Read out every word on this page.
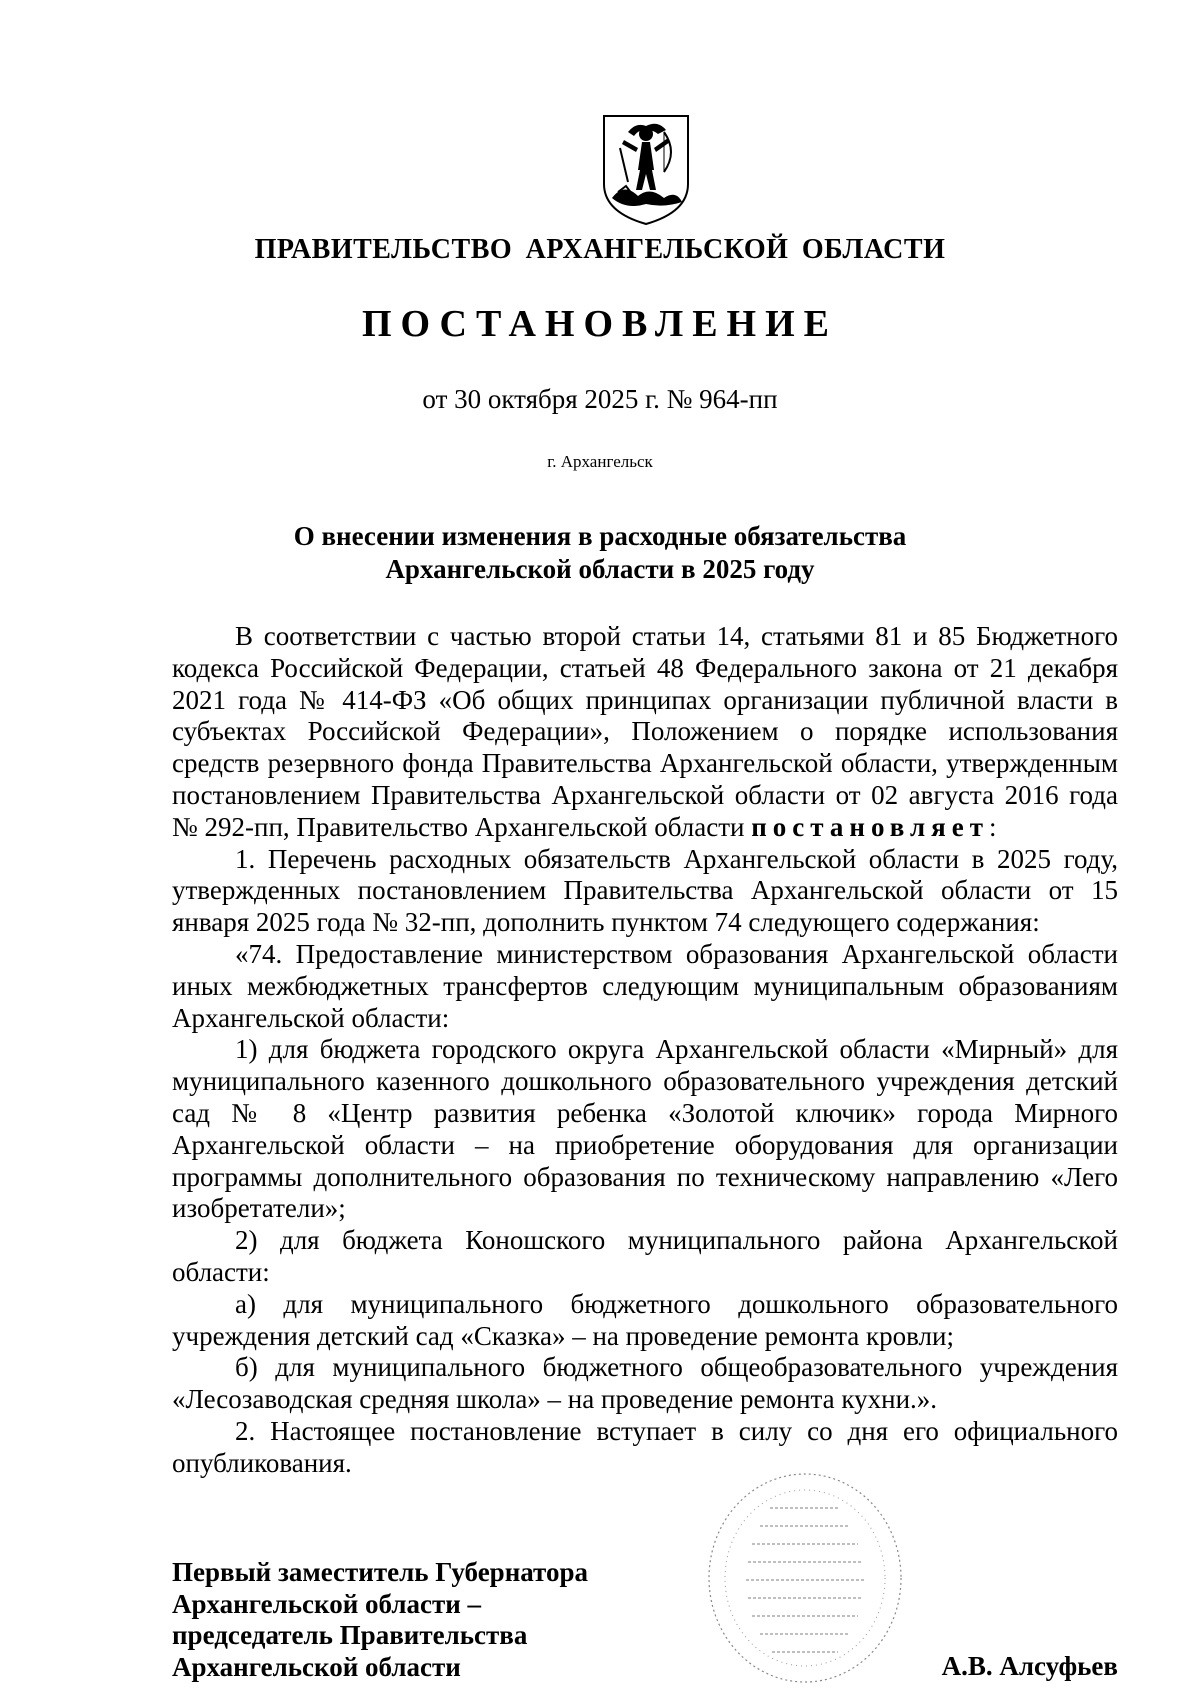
ПРАВИТЕЛЬСТВО АРХАНГЕЛЬСКОЙ ОБЛАСТИ
ПОСТАНОВЛЕНИЕ
от 30 октября 2025 г. № 964-пп
г. Архангельск
О внесении изменения в расходные обязательства
Архангельской области в 2025 году

В соответствии с частью второй статьи 14, статьями 81 и 85 Бюджетного кодекса Российской Федерации, статьей 48 Федерального закона от 21 декабря 2021 года № 414-ФЗ «Об общих принципах организации публичной власти в субъектах Российской Федерации», Положением о порядке использования средств резервного фонда Правительства Архангельской области, утвержденным постановлением Правительства Архангельской области от 02 августа 2016 года № 292-пп, Правительство Архангельской области постановляет:

1. Перечень расходных обязательств Архангельской области в 2025 году, утвержденных постановлением Правительства Архангельской области от 15 января 2025 года № 32-пп, дополнить пунктом 74 следующего содержания:

«74. Предоставление министерством образования Архангельской области иных межбюджетных трансфертов следующим муниципальным образованиям Архангельской области:

1) для бюджета городского округа Архангельской области «Мирный» для муниципального казенного дошкольного образовательного учреждения детский сад № 8 «Центр развития ребенка «Золотой ключик» города Мирного Архангельской области – на приобретение оборудования для организации программы дополнительного образования по техническому направлению «Лего изобретатели»;

2) для бюджета Коношского муниципального района Архангельской области:

а) для муниципального бюджетного дошкольного образовательного учреждения детский сад «Сказка» – на проведение ремонта кровли;

б) для муниципального бюджетного общеобразовательного учреждения «Лесозаводская средняя школа» – на проведение ремонта кухни.».

2. Настоящее постановление вступает в силу со дня его официального опубликования.

Первый заместитель Губернатора
Архангельской области –
председатель Правительства
Архангельской области	А.В. Алсуфьев
